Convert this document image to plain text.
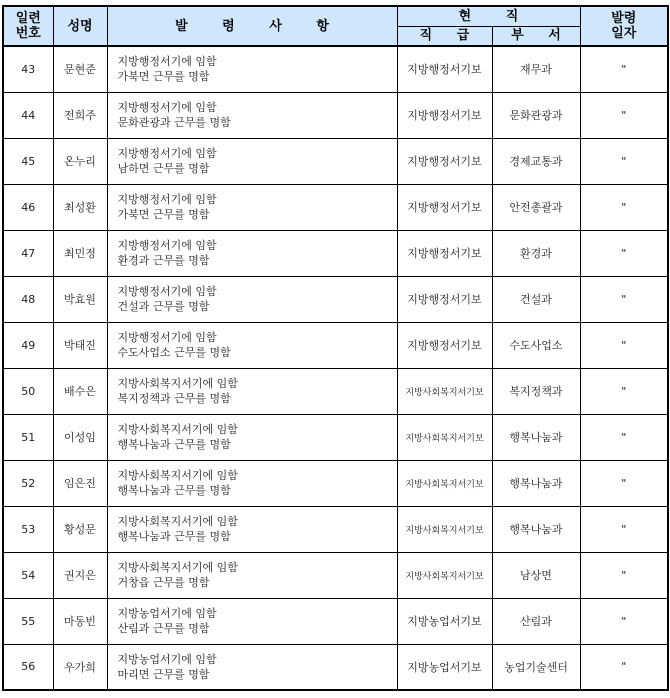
일련
번호	성명	발 령 사 항	현 직		발령
일자

			직 급	부 서	
43	문현준	지방행정서기에 임함
가북면 근무를 명함	지방행정서기보	재무과	"
44	전희주	지방행정서기에 임함
문화관광과 근무를 명함	지방행정서기보	문화관광과	"
45	온누리	지방행정서기에 임함
남하면 근무를 명함	지방행정서기보	경제교통과	"
46	최성환	지방행정서기에 임함
가북면 근무를 명함	지방행정서기보	안전총괄과	"
47	최민정	지방행정서기에 임함
환경과 근무를 명함	지방행정서기보	환경과	"
48	박효원	지방행정서기에 임함
건설과 근무를 명함	지방행정서기보	건설과	"
49	박태진	지방행정서기에 임함
수도사업소 근무를 명함	지방행정서기보	수도사업소	"
50	배수은	지방사회복지서기에 임함
복지정책과 근무를 명함	지방사회복지서기보	복지정책과	"
51	이성임	지방사회복지서기에 임함
행복나눔과 근무를 명함	지방사회복지서기보	행복나눔과	"
52	임은진	지방사회복지서기에 임함
행복나눔과 근무를 명함	지방사회복지서기보	행복나눔과	"
53	황성문	지방사회복지서기에 임함
행복나눔과 근무를 명함	지방사회복지서기보	행복나눔과	"
54	권지은	지방사회복지서기에 임함
거창읍 근무를 명함	지방사회복지서기보	남상면	"
55	마동빈	지방농업서기에 임함
산림과 근무를 명함	지방농업서기보	산림과	"
56	우가희	지방농업서기에 임함
마리면 근무를 명함	지방농업서기보	농업기술센터	"
